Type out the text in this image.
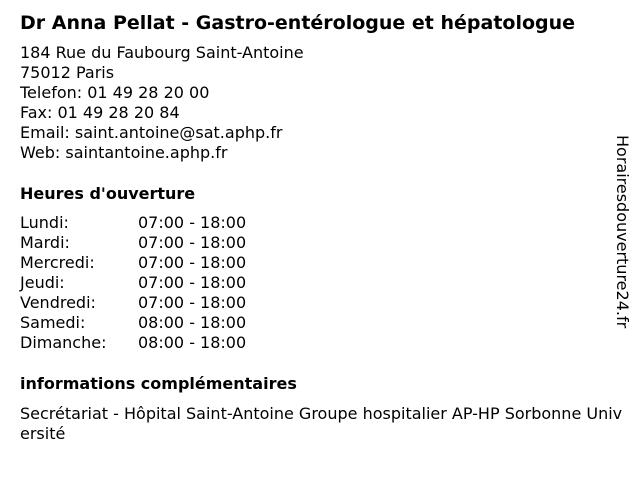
Dr Anna Pellat - Gastro-entérologue et hépatologue
184 Rue du Faubourg Saint-Antoine
75012 Paris
Telefon: 01 49 28 20 00
Fax: 01 49 28 20 84
Email: saint.antoine@sat.aphp.fr
Web: saintantoine.aphp.fr
Heures d'ouverture
Lundi:	07:00 - 18:00
Mardi:	07:00 - 18:00
Mercredi:	07:00 - 18:00
Jeudi:	07:00 - 18:00
Vendredi:	07:00 - 18:00
Samedi:	08:00 - 18:00
Dimanche:	08:00 - 18:00
informations complémentaires
Secrétariat - Hôpital Saint-Antoine Groupe hospitalier AP-HP Sorbonne Université
Horairesdouverture24.fr
